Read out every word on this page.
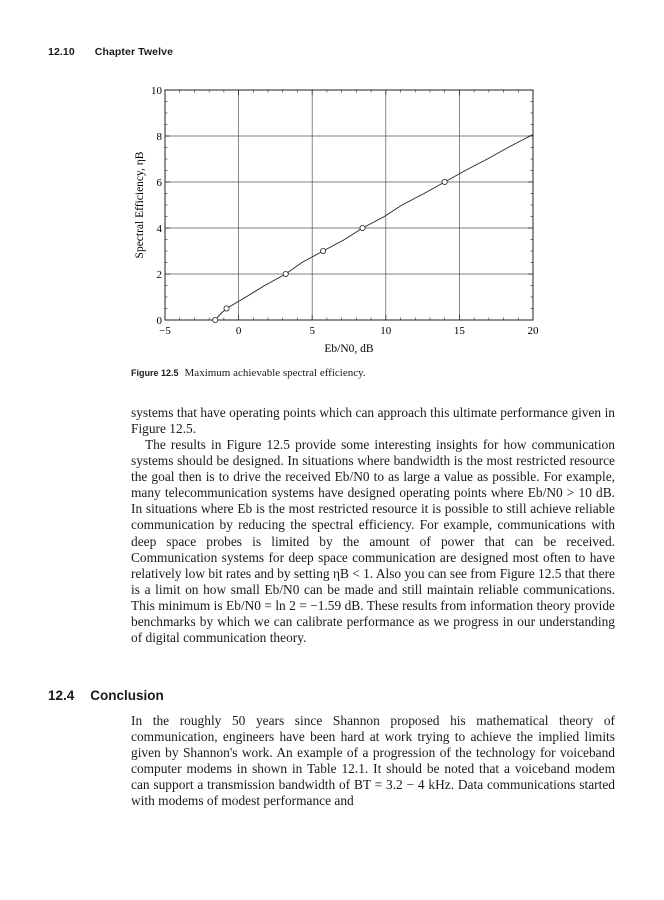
12.10 Chapter Twelve
−5	0	5	10	15	20
0
2
4
6
8
10
Eb/N0, dB
Spectral Efficiency, ηB
Figure 12.5 Maximum achievable spectral efficiency.

systems that have operating points which can approach this ultimate performance given in Figure 12.5.

The results in Figure 12.5 provide some interesting insights for how communication systems should be designed. In situations where bandwidth is the most restricted resource the goal then is to drive the received Eb/N0 to as large a value as possible. For example, many telecommunication systems have designed operating points where Eb/N0 > 10 dB. In situations where Eb is the most restricted resource it is possible to still achieve reliable communication by reducing the spectral efficiency. For example, communications with deep space probes is limited by the amount of power that can be received. Communication systems for deep space communication are designed most often to have relatively low bit rates and by setting ηB < 1. Also you can see from Figure 12.5 that there is a limit on how small Eb/N0 can be made and still maintain reliable communications. This minimum is Eb/N0 = ln 2 = −1.59 dB. These results from information theory provide benchmarks by which we can calibrate performance as we progress in our understanding of digital communication theory.

12.4 Conclusion

In the roughly 50 years since Shannon proposed his mathematical theory of communication, engineers have been hard at work trying to achieve the implied limits given by Shannon's work. An example of a progression of the technology for voiceband computer modems in shown in Table 12.1. It should be noted that a voiceband modem can support a transmission bandwidth of BT = 3.2 − 4 kHz. Data communications started with modems of modest performance and
